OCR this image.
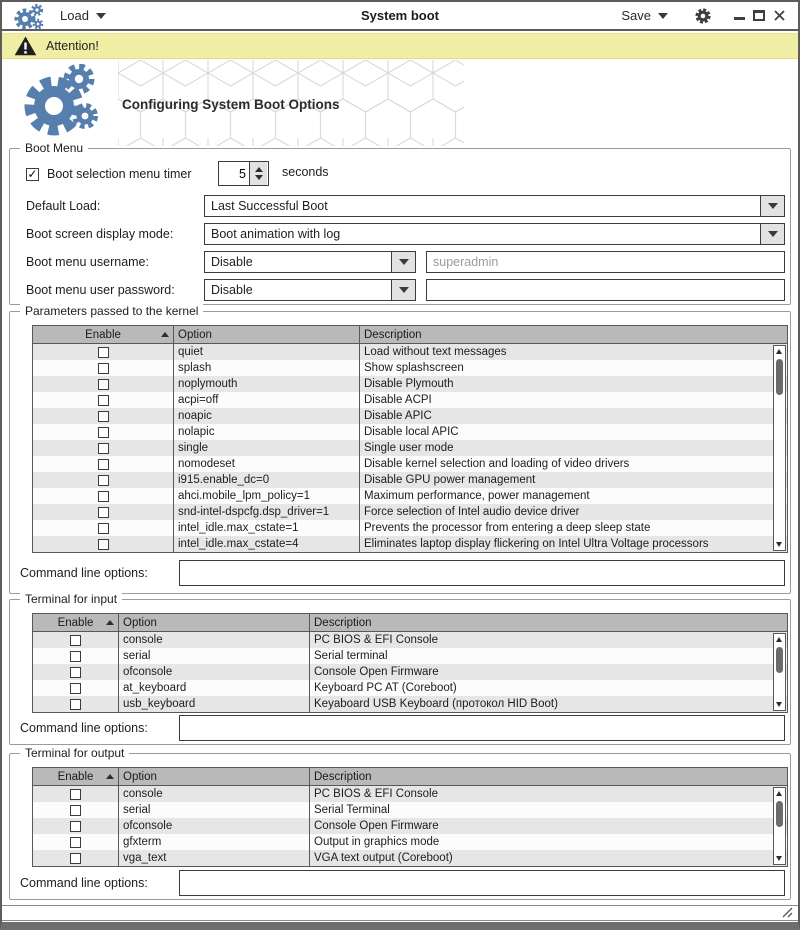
Load	System boot	Save
Attention!
Configuring System Boot Options
Boot Menu
✓ Boot selection menu timer
5	seconds
Default Load:	Last Successful Boot
Boot screen display mode:	Boot animation with log
Boot menu username:	Disable
superadmin
Boot menu user password:	Disable
Parameters passed to the kernel
Enable	Option	Description
quiet	Load without text messages
splash	Show splashscreen
noplymouth	Disable Plymouth
acpi=off	Disable ACPI
noapic	Disable APIC
nolapic	Disable local APIC
single	Single user mode
nomodeset	Disable kernel selection and loading of video drivers
i915.enable_dc=0	Disable GPU power management
ahci.mobile_lpm_policy=1	Maximum performance, power management
snd-intel-dspcfg.dsp_driver=1	Force selection of Intel audio device driver
intel_idle.max_cstate=1	Prevents the processor from entering a deep sleep state
intel_idle.max_cstate=4	Eliminates laptop display flickering on Intel Ultra Voltage processors
Command line options:
Terminal for input
Enable	Option	Description
console	PC BIOS & EFI Console
serial	Serial terminal
ofconsole	Console Open Firmware
at_keyboard	Keyboard PC AT (Coreboot)
usb_keyboard	Keyaboard USB Keyboard (протокол HID Boot)
Command line options:
Terminal for output
Enable	Option	Description
console	PC BIOS & EFI Console
serial	Serial Terminal
ofconsole	Console Open Firmware
gfxterm	Output in graphics mode
vga_text	VGA text output (Coreboot)
Command line options:
